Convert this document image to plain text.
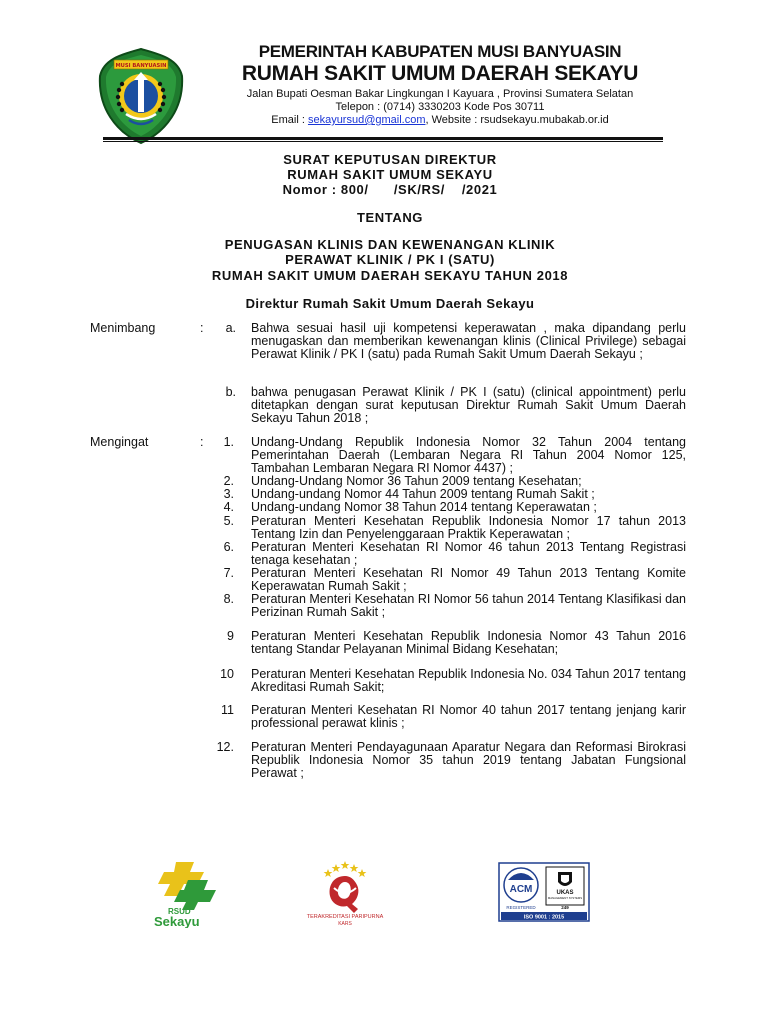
MUSI BANYUASIN
PEMERINTAH KABUPATEN MUSI BANYUASIN
RUMAH SAKIT UMUM DAERAH SEKAYU
Jalan Bupati Oesman Bakar Lingkungan I Kayuara , Provinsi Sumatera Selatan
Telepon : (0714) 3330203 Kode Pos 30711
Email : sekayursud@gmail.com, Website : rsudsekayu.mubakab.or.id
SURAT KEPUTUSAN DIREKTUR
RUMAH SAKIT UMUM SEKAYU
Nomor : 800/      /SK/RS/    /2021
TENTANG
PENUGASAN KLINIS DAN KEWENANGAN KLINIK
PERAWAT KLINIK / PK I (SATU)
RUMAH SAKIT UMUM DAERAH SEKAYU TAHUN 2018
Direktur Rumah Sakit Umum Daerah Sekayu
Menimbang	:	a. Bahwa sesuai hasil uji kompetensi keperawatan , maka dipandang perlu menugaskan dan memberikan kewenangan klinis (Clinical Privilege) sebagai Perawat Klinik / PK I (satu) pada Rumah Sakit Umum Daerah Sekayu ;
b. bahwa penugasan Perawat Klinik / PK I (satu) (clinical appointment) perlu ditetapkan dengan surat keputusan Direktur Rumah Sakit Umum Daerah Sekayu Tahun 2018 ;
Mengingat	:	1. Undang-Undang Republik Indonesia Nomor 32 Tahun 2004 tentang Pemerintahan Daerah (Lembaran Negara RI Tahun 2004 Nomor 125, Tambahan Lembaran Negara RI Nomor 4437) ;
2. Undang-Undang Nomor 36 Tahun 2009 tentang Kesehatan;
3. Undang-undang Nomor 44 Tahun 2009 tentang Rumah Sakit ;
4. Undang-undang Nomor 38 Tahun 2014 tentang Keperawatan ;
5. Peraturan Menteri Kesehatan Republik Indonesia Nomor 17 tahun 2013 Tentang Izin dan Penyelenggaraan Praktik Keperawatan ;
6. Peraturan Menteri Kesehatan RI Nomor 46 tahun 2013 Tentang Registrasi tenaga kesehatan ;
7. Peraturan Menteri Kesehatan RI Nomor 49 Tahun 2013 Tentang Komite Keperawatan Rumah Sakit ;
8. Peraturan Menteri Kesehatan RI Nomor 56 tahun 2014 Tentang Klasifikasi dan Perizinan Rumah Sakit ;
9 Peraturan Menteri Kesehatan Republik Indonesia Nomor 43 Tahun 2016 tentang Standar Pelayanan Minimal Bidang Kesehatan;
10 Peraturan Menteri Kesehatan Republik Indonesia No. 034 Tahun 2017 tentang Akreditasi Rumah Sakit;
11 Peraturan Menteri Kesehatan RI Nomor 40 tahun 2017 tentang jenjang karir professional perawat klinis ;
12. Peraturan Menteri Pendayagunaan Aparatur Negara dan Reformasi Birokrasi Republik Indonesia Nomor 35 tahun 2019 tentang Jabatan Fungsional Perawat ;
RSUD
Sekayu	TERAKREDITASI PARIPURNA
KARS
ACM
REGISTERED
UKAS
MANAGEMENT SYSTEMS
249
ISO 9001 : 2015
